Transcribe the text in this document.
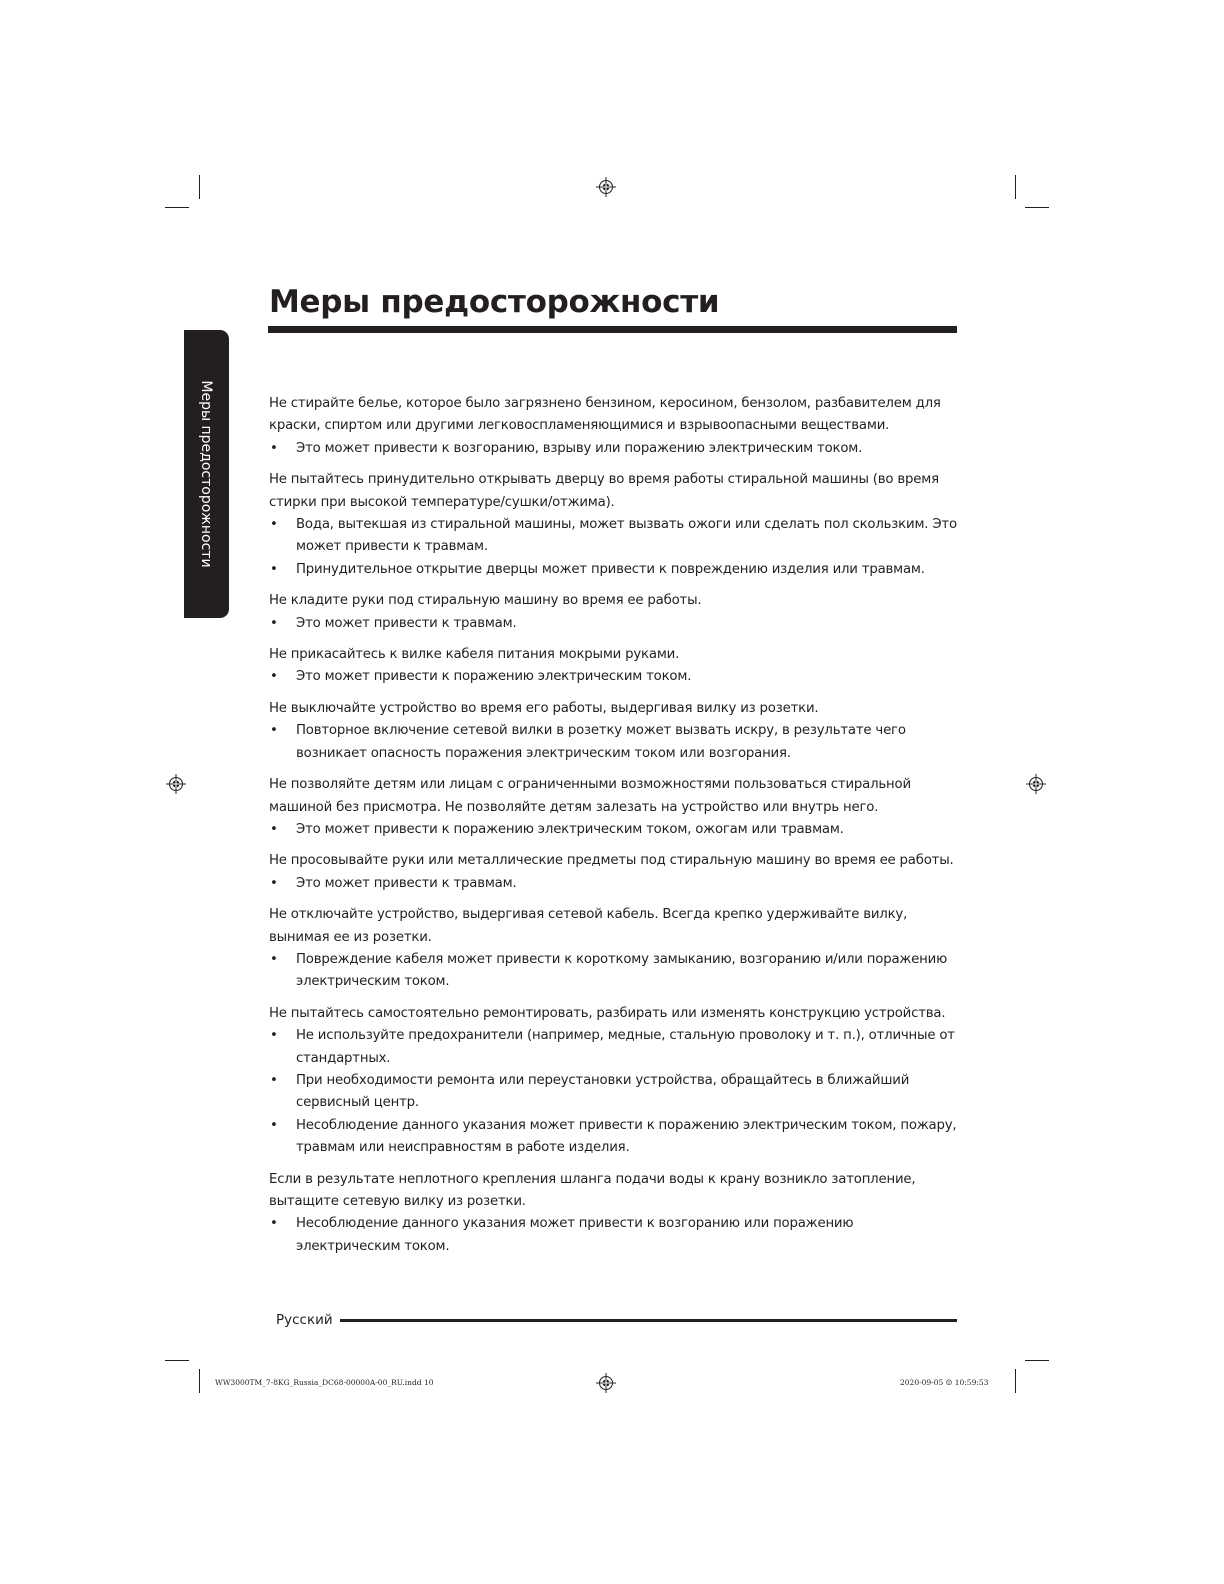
Меры предосторожности
Меры предосторожности

Не стирайте белье, которое было загрязнено бензином, керосином, бензолом, разбавителем для краски, спиртом или другими легковоспламеняющимися и взрывоопасными веществами.

• Это может привести к возгоранию, взрыву или поражению электрическим током.

Не пытайтесь принудительно открывать дверцу во время работы стиральной машины (во время стирки при высокой температуре/сушки/отжима).

• Вода, вытекшая из стиральной машины, может вызвать ожоги или сделать пол скользким. Это может привести к травмам.
• Принудительное открытие дверцы может привести к повреждению изделия или травмам.

Не кладите руки под стиральную машину во время ее работы.

• Это может привести к травмам.

Не прикасайтесь к вилке кабеля питания мокрыми руками.

• Это может привести к поражению электрическим током.

Не выключайте устройство во время его работы, выдергивая вилку из розетки.

• Повторное включение сетевой вилки в розетку может вызвать искру, в результате чего возникает опасность поражения электрическим током или возгорания.

Не позволяйте детям или лицам с ограниченными возможностями пользоваться стиральной машиной без присмотра. Не позволяйте детям залезать на устройство или внутрь него.

• Это может привести к поражению электрическим током, ожогам или травмам.

Не просовывайте руки или металлические предметы под стиральную машину во время ее работы.

• Это может привести к травмам.

Не отключайте устройство, выдергивая сетевой кабель. Всегда крепко удерживайте вилку, вынимая ее из розетки.

• Повреждение кабеля может привести к короткому замыканию, возгоранию и/или поражению электрическим током.

Не пытайтесь самостоятельно ремонтировать, разбирать или изменять конструкцию устройства.

• Не используйте предохранители (например, медные, стальную проволоку и т. п.), отличные от стандартных.
• При необходимости ремонта или переустановки устройства, обращайтесь в ближайший сервисный центр.
• Несоблюдение данного указания может привести к поражению электрическим током, пожару, травмам или неисправностям в работе изделия.

Если в результате неплотного крепления шланга подачи воды к крану возникло затопление, вытащите сетевую вилку из розетки.

• Несоблюдение данного указания может привести к возгоранию или поражению электрическим током.
Русский
WW3000TM_7-8KG_Russia_DC68-00000A-00_RU.indd 10	2020-09-05 ☺ 10:59:53
